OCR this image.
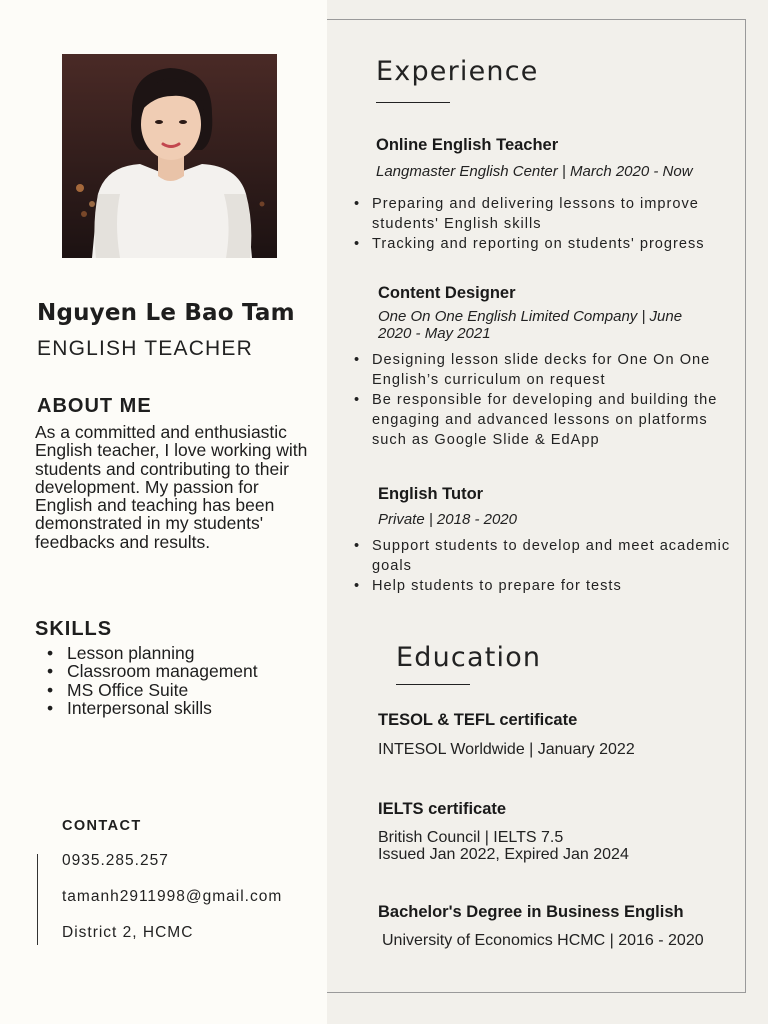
Nguyen Le Bao Tam
ENGLISH TEACHER
ABOUT ME
As a committed and enthusiastic English teacher, I love working with students and contributing to their development. My passion for English and teaching has been demonstrated in my students' feedbacks and results.
SKILLS
• Lesson planning
• Classroom management
• MS Office Suite
• Interpersonal skills
CONTACT
0935.285.257
tamanh2911998@gmail.com
District 2, HCMC
Experience
Online English Teacher
Langmaster English Center | March 2020 - Now
• Preparing and delivering lessons to improve students' English skills
• Tracking and reporting on students' progress
Content Designer
One On One English Limited Company | June 2020 - May 2021
• Designing lesson slide decks for One On One English’s curriculum on request
• Be responsible for developing and building the engaging and advanced lessons on platforms such as Google Slide & EdApp
English Tutor
Private | 2018 - 2020
• Support students to develop and meet academic goals
• Help students to prepare for tests
Education
TESOL & TEFL certificate
INTESOL Worldwide | January 2022
IELTS certificate
British Council | IELTS 7.5
Issued Jan 2022, Expired Jan 2024
Bachelor's Degree in Business English
University of Economics HCMC | 2016 - 2020
